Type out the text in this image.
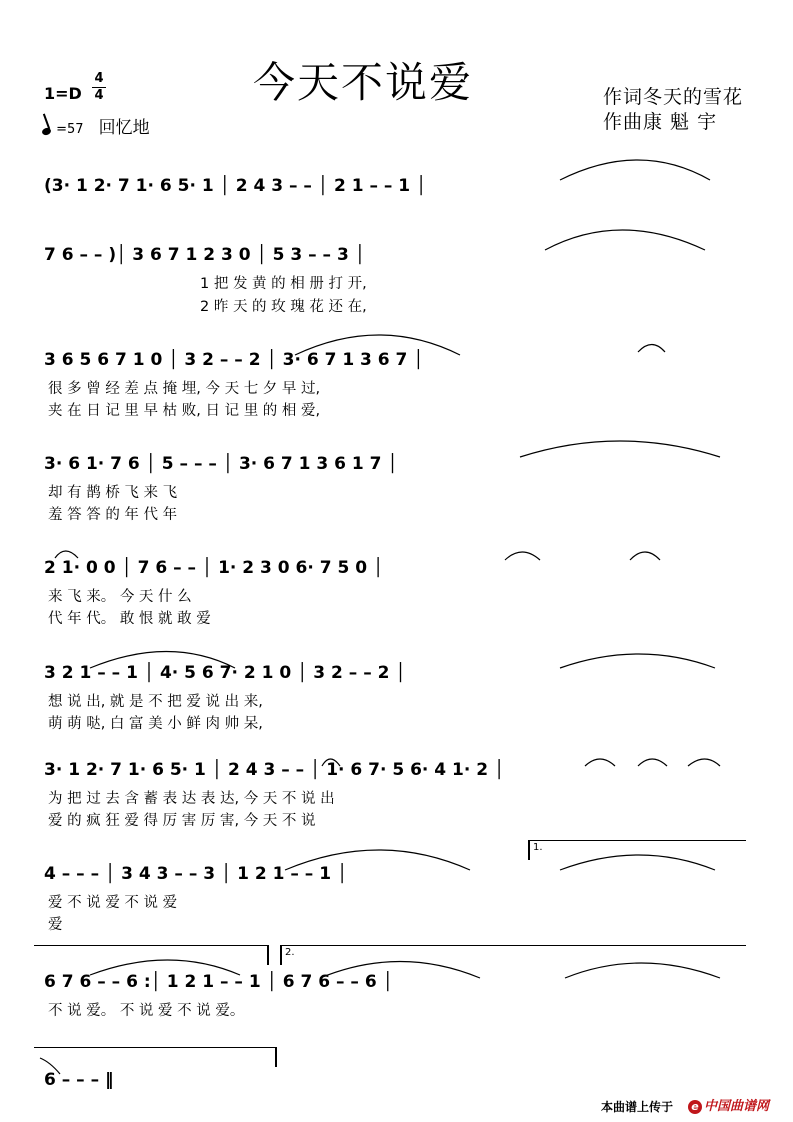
今天不说爱
1=D
4
4
=57 回忆地
作词冬天的雪花
作曲康 魁 宇
(3· 1 2· 7 1· 6 5· 1 │ 2 4 3 – – │ 2 1 – – 1 │
7 6 – – )│ 3 6 7 1 2 3 0 │ 5 3 – – 3 │
1 把 发 黄 的 相 册 打 开,
2 昨 天 的 玫 瑰 花 还 在,
3 6 5 6 7 1 0 │ 3 2 – – 2 │ 3· 6 7 1 3 6 7 │
很 多 曾 经 差 点 掩 埋, 今 天 七 夕 早 过,
夹 在 日 记 里 早 枯 败, 日 记 里 的 相 爱,
3· 6 1· 7 6 │ 5 – – – │ 3· 6 7 1 3 6 1 7 │
却 有 鹊 桥 飞 来 飞
羞 答 答 的 年 代 年
2 1· 0 0 │ 7 6 – – │ 1· 2 3 0 6· 7 5 0 │
来 飞 来。 今 天 什 么
代 年 代。 敢 恨 就 敢 爱
3 2 1 – – 1 │ 4· 5 6 7· 2 1 0 │ 3 2 – – 2 │
想 说 出, 就 是 不 把 爱 说 出 来,
萌 萌 哒, 白 富 美 小 鲜 肉 帅 呆,
3· 1 2· 7 1· 6 5· 1 │ 2 4 3 – – │ 1· 6 7· 5 6· 4 1· 2 │
为 把 过 去 含 蓄 表 达 表 达, 今 天 不 说 出
爱 的 疯 狂 爱 得 厉 害 厉 害, 今 天 不 说
4 – – – │ 3 4 3 – – 3 │ 1 2 1 – – 1 │
爱 不 说 爱 不 说 爱
爱
1.
2.
6 7 6 – – 6 :│ 1 2 1 – – 1 │ 6 7 6 – – 6 │
不 说 爱。 不 说 爱 不 说 爱。
6 – – – ‖
本曲谱上传于 e 中国曲谱网
